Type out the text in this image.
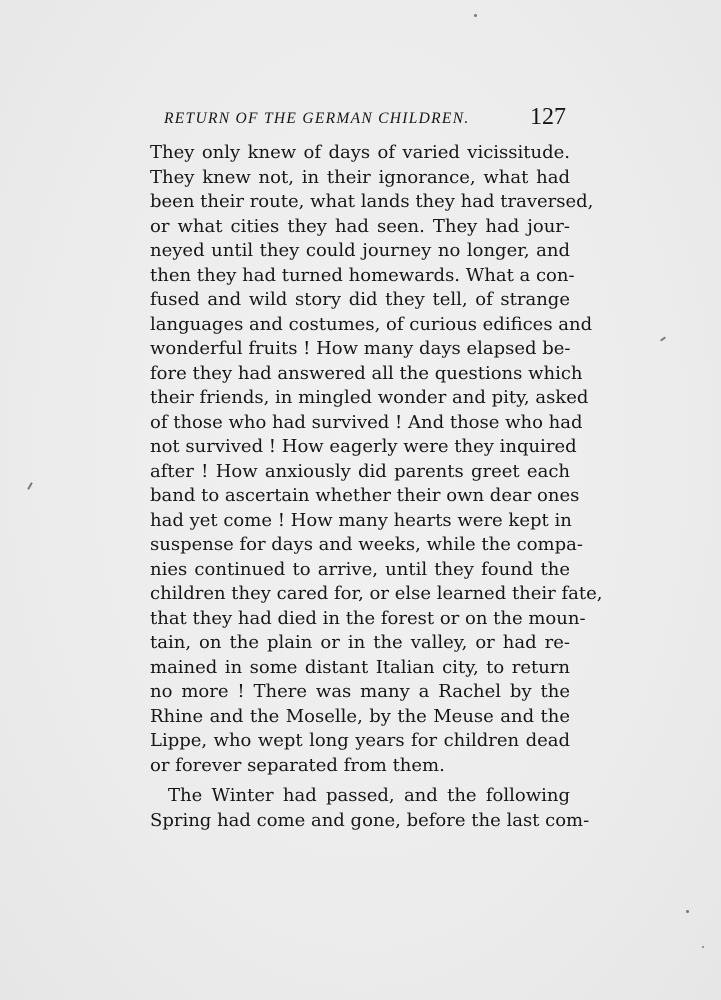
RETURN OF THE GERMAN CHILDREN.	127
They only knew of days of varied vicissitude.
They knew not, in their ignorance, what had
been their route, what lands they had traversed,
or what cities they had seen. They had jour-
neyed until they could journey no longer, and
then they had turned homewards. What a con-
fused and wild story did they tell, of strange
languages and costumes, of curious edifices and
wonderful fruits ! How many days elapsed be-
fore they had answered all the questions which
their friends, in mingled wonder and pity, asked
of those who had survived ! And those who had
not survived ! How eagerly were they inquired
after ! How anxiously did parents greet each
band to ascertain whether their own dear ones
had yet come ! How many hearts were kept in
suspense for days and weeks, while the compa-
nies continued to arrive, until they found the
children they cared for, or else learned their fate,
that they had died in the forest or on the moun-
tain, on the plain or in the valley, or had re-
mained in some distant Italian city, to return
no more ! There was many a Rachel by the
Rhine and the Moselle, by the Meuse and the
Lippe, who wept long years for children dead
or forever separated from them.
The Winter had passed, and the following
Spring had come and gone, before the last com-
